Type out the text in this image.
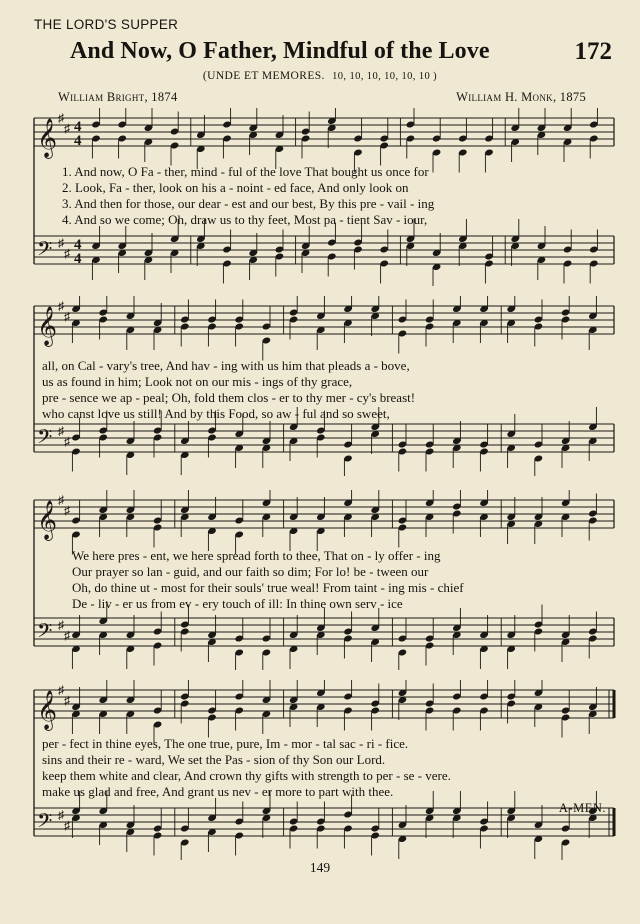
THE LORD'S SUPPER
And Now, O Father, Mindful of the Love	172
(UNDE ET MEMORES. 10, 10, 10, 10, 10, 10 )
William Bright, 1874	William H. Monk, 1875
𝄞
𝄢
♯
♯
♯
♯
4
4
4
4
1. And now, O Fa - ther, mind - ful of the love That bought us once for
2. Look, Fa - ther, look on his a - noint - ed face, And only look on
3. And then for those, our dear - est and our best, By this pre - vail - ing
4. And so we come; Oh, draw us to thy feet, Most pa - tient Sav - iour,
𝄞
𝄢
♯
♯
♯
♯
all, on Cal - vary's tree, And hav - ing with us him that pleads a - bove,
us as found in him; Look not on our mis - ings of thy grace,
pre - sence we ap - peal; Oh, fold them clos - er to thy mer - cy's breast!
who canst love us still! And by this Food, so aw - ful and so sweet,
𝄞
𝄢
♯
♯
♯
♯
We here pres - ent, we here spread forth to thee, That on - ly offer - ing
Our prayer so lan - guid, and our faith so dim; For lo! be - tween our
Oh, do thine ut - most for their souls' true weal! From taint - ing mis - chief
De - liv - er us from ev - ery touch of ill: In thine own serv - ice
𝄞
𝄢
♯
♯
♯
♯
per - fect in thine eyes, The one true, pure, Im - mor - tal sac - ri - fice.
sins and their re - ward, We set the Pas - sion of thy Son our Lord.
keep them white and clear, And crown thy gifts with strength to per - se - vere.
make us glad and free, And grant us nev - er more to part with thee.

A-MEN.
149
